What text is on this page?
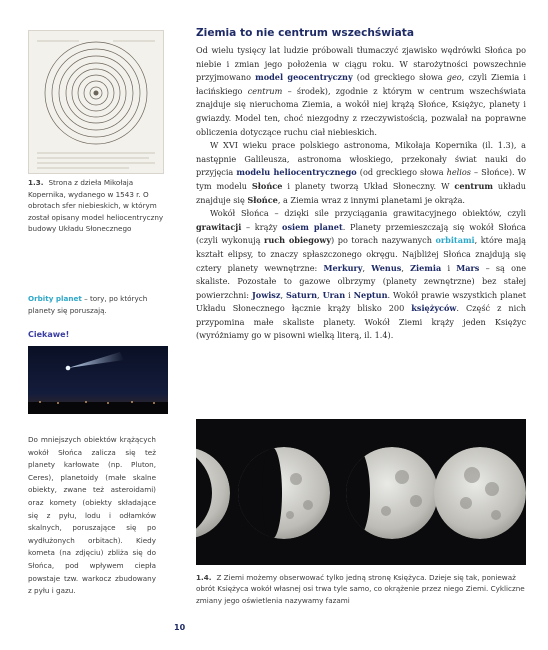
1.3. Strona z dzieła Mikołaja Kopernika, wydanego w 1543 r. O obrotach sfer niebieskich, w którym został opisany model heliocentryczny budowy Układu Słonecznego
Orbity planet – tory, po których planety się poruszają.
Ciekawe!
Do mniejszych obiektów krążących wokół Słońca zalicza się też planety karłowate (np. Pluton, Ceres), planetoidy (małe skalne obiekty, zwane też asteroidami) oraz komety (obiekty składające się z pyłu, lodu i odłamków skalnych, poruszające się po wydłużonych orbitach). Kiedy kometa (na zdjęciu) zbliża się do Słońca, pod wpływem ciepła powstaje tzw. warkocz zbudowany z pyłu i gazu.
Ziemia to nie centrum wszechświata

Od wielu tysięcy lat ludzie próbowali tłumaczyć zjawisko wędrówki Słońca po niebie i zmian jego położenia w ciągu roku. W starożytności powszechnie przyjmowano model geocentryczny (od greckiego słowa geo, czyli Ziemia i łacińskiego centrum – środek), zgodnie z którym w centrum wszechświata znajduje się nieruchoma Ziemia, a wokół niej krążą Słońce, Księżyc, planety i gwiazdy. Model ten, choć niezgodny z rzeczywistością, pozwalał na poprawne obliczenia dotyczące ruchu ciał niebieskich.

W XVI wieku prace polskiego astronoma, Mikołaja Kopernika (il. 1.3), a następnie Galileusza, astronoma włoskiego, przekonały świat nauki do przyjęcia modelu heliocentrycznego (od greckiego słowa helios – Słońce). W tym modelu Słońce i planety tworzą Układ Słoneczny. W centrum układu znajduje się Słońce, a Ziemia wraz z innymi planetami je okrąża.

Wokół Słońca – dzięki sile przyciągania grawitacyjnego obiektów, czyli grawitacji – krąży osiem planet. Planety przemieszczają się wokół Słońca (czyli wykonują ruch obiegowy) po torach nazywanych orbitami, które mają kształt elipsy, to znaczy spłaszczonego okręgu. Najbliżej Słońca znajdują się cztery planety wewnętrzne: Merkury, Wenus, Ziemia i Mars – są one skaliste. Pozostałe to gazowe olbrzymy (planety zewnętrzne) bez stałej powierzchni: Jowisz, Saturn, Uran i Neptun. Wokół prawie wszystkich planet Układu Słonecznego łącznie krąży blisko 200 księżyców. Część z nich przypomina małe skaliste planety. Wokół Ziemi krąży jeden Księżyc (wyróżniamy go w pisowni wielką literą, il. 1.4).

1.4. Z Ziemi możemy obserwować tylko jedną stronę Księżyca. Dzieje się tak, ponieważ obrót Księżyca wokół własnej osi trwa tyle samo, co okrążenie przez niego Ziemi. Cykliczne zmiany jego oświetlenia nazywamy fazami
10
